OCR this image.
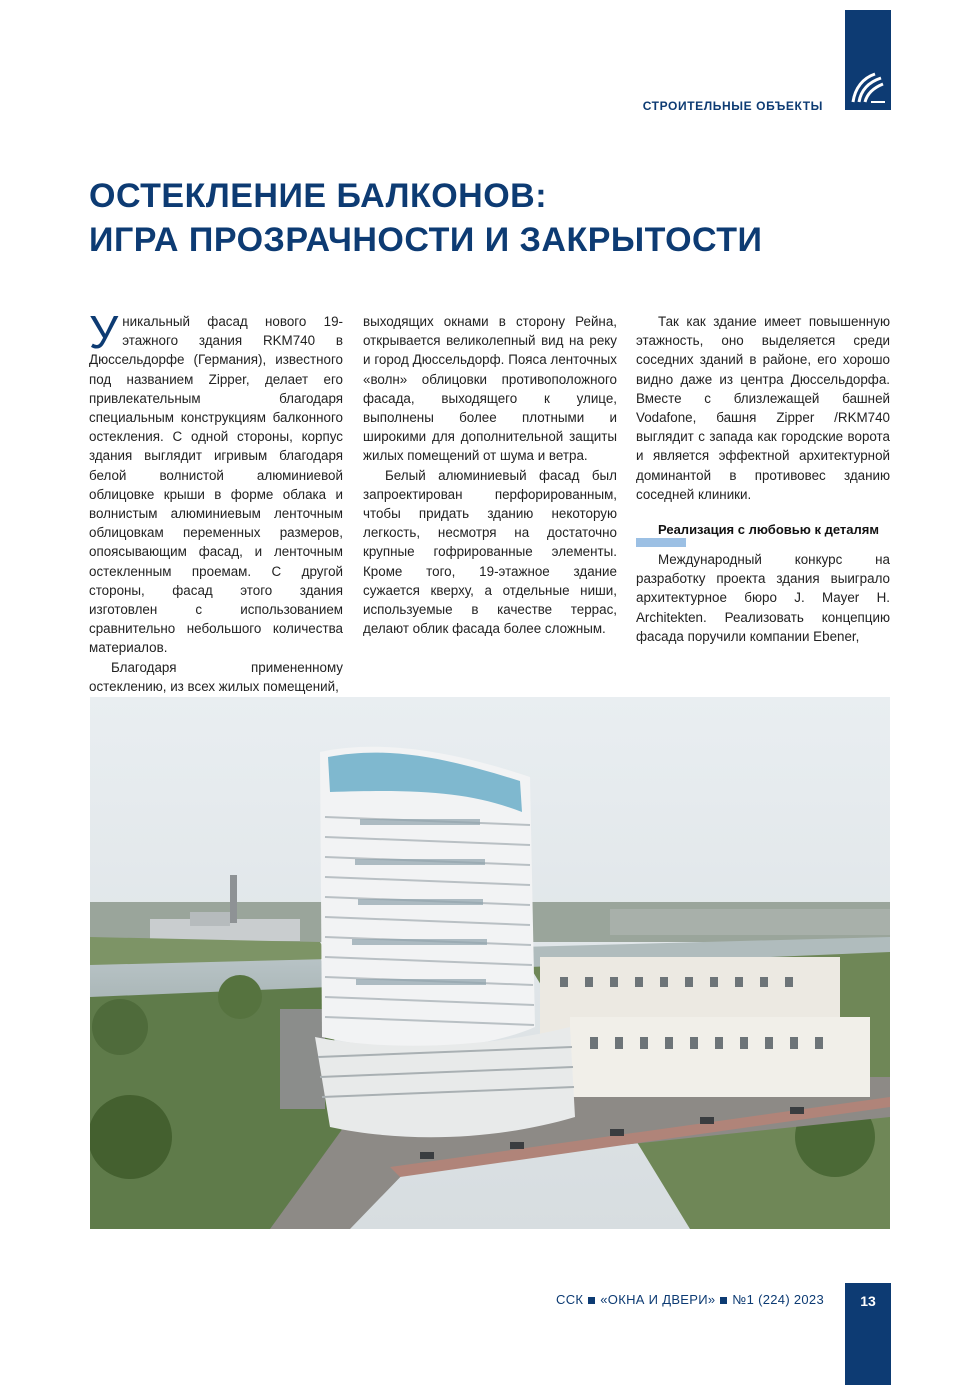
СТРОИТЕЛЬНЫЕ ОБЪЕКТЫ
ОСТЕКЛЕНИЕ БАЛКОНОВ:
ИГРА ПРОЗРАЧНОСТИ И ЗАКРЫТОСТИ

Уникальный фасад нового 19-этажного здания RKM740 в Дюссельдорфе (Германия), известного под названием Zipper, делает его привлекательным благодаря специальным конструкциям балконного остекления. С одной стороны, корпус здания выглядит игривым благодаря белой волнистой алюминиевой облицовке крыши в форме облака и волнистым алюминиевым ленточным облицовкам переменных размеров, опоясывающим фасад, и ленточным остекленным проемам. С другой стороны, фасад этого здания изготовлен с использованием сравнительно небольшого количества материалов.

Благодаря примененному остеклению, из всех жилых помещений,

выходящих окнами в сторону Рейна, открывается великолепный вид на реку и город Дюссельдорф. Пояса ленточных «волн» облицовки противоположного фасада, выходящего к улице, выполнены более плотными и широкими для дополнительной защиты жилых помещений от шума и ветра.

Белый алюминиевый фасад был запроектирован перфорированным, чтобы придать зданию некоторую легкость, несмотря на достаточно крупные гофрированные элементы. Кроме того, 19-этажное здание сужается кверху, а отдельные ниши, используемые в качестве террас, делают облик фасада более сложным.

Так как здание имеет повышенную этажность, оно выделяется среди соседних зданий в районе, его хорошо видно даже из центра Дюссельдорфа. Вместе с близлежащей башней Vodafone, башня Zipper /RKM740 выглядит с запада как городские ворота и является эффектной архитектурной доминантой в противовес зданию соседней клиники.

Реализация с любовью к деталям

Международный конкурс на разработку проекта здания выиграло архитектурное бюро J. Mayer H. Architekten. Реализовать концепцию фасада поручили компании Ebener,

ССК «ОКНА И ДВЕРИ» №1 (224) 2023	13
